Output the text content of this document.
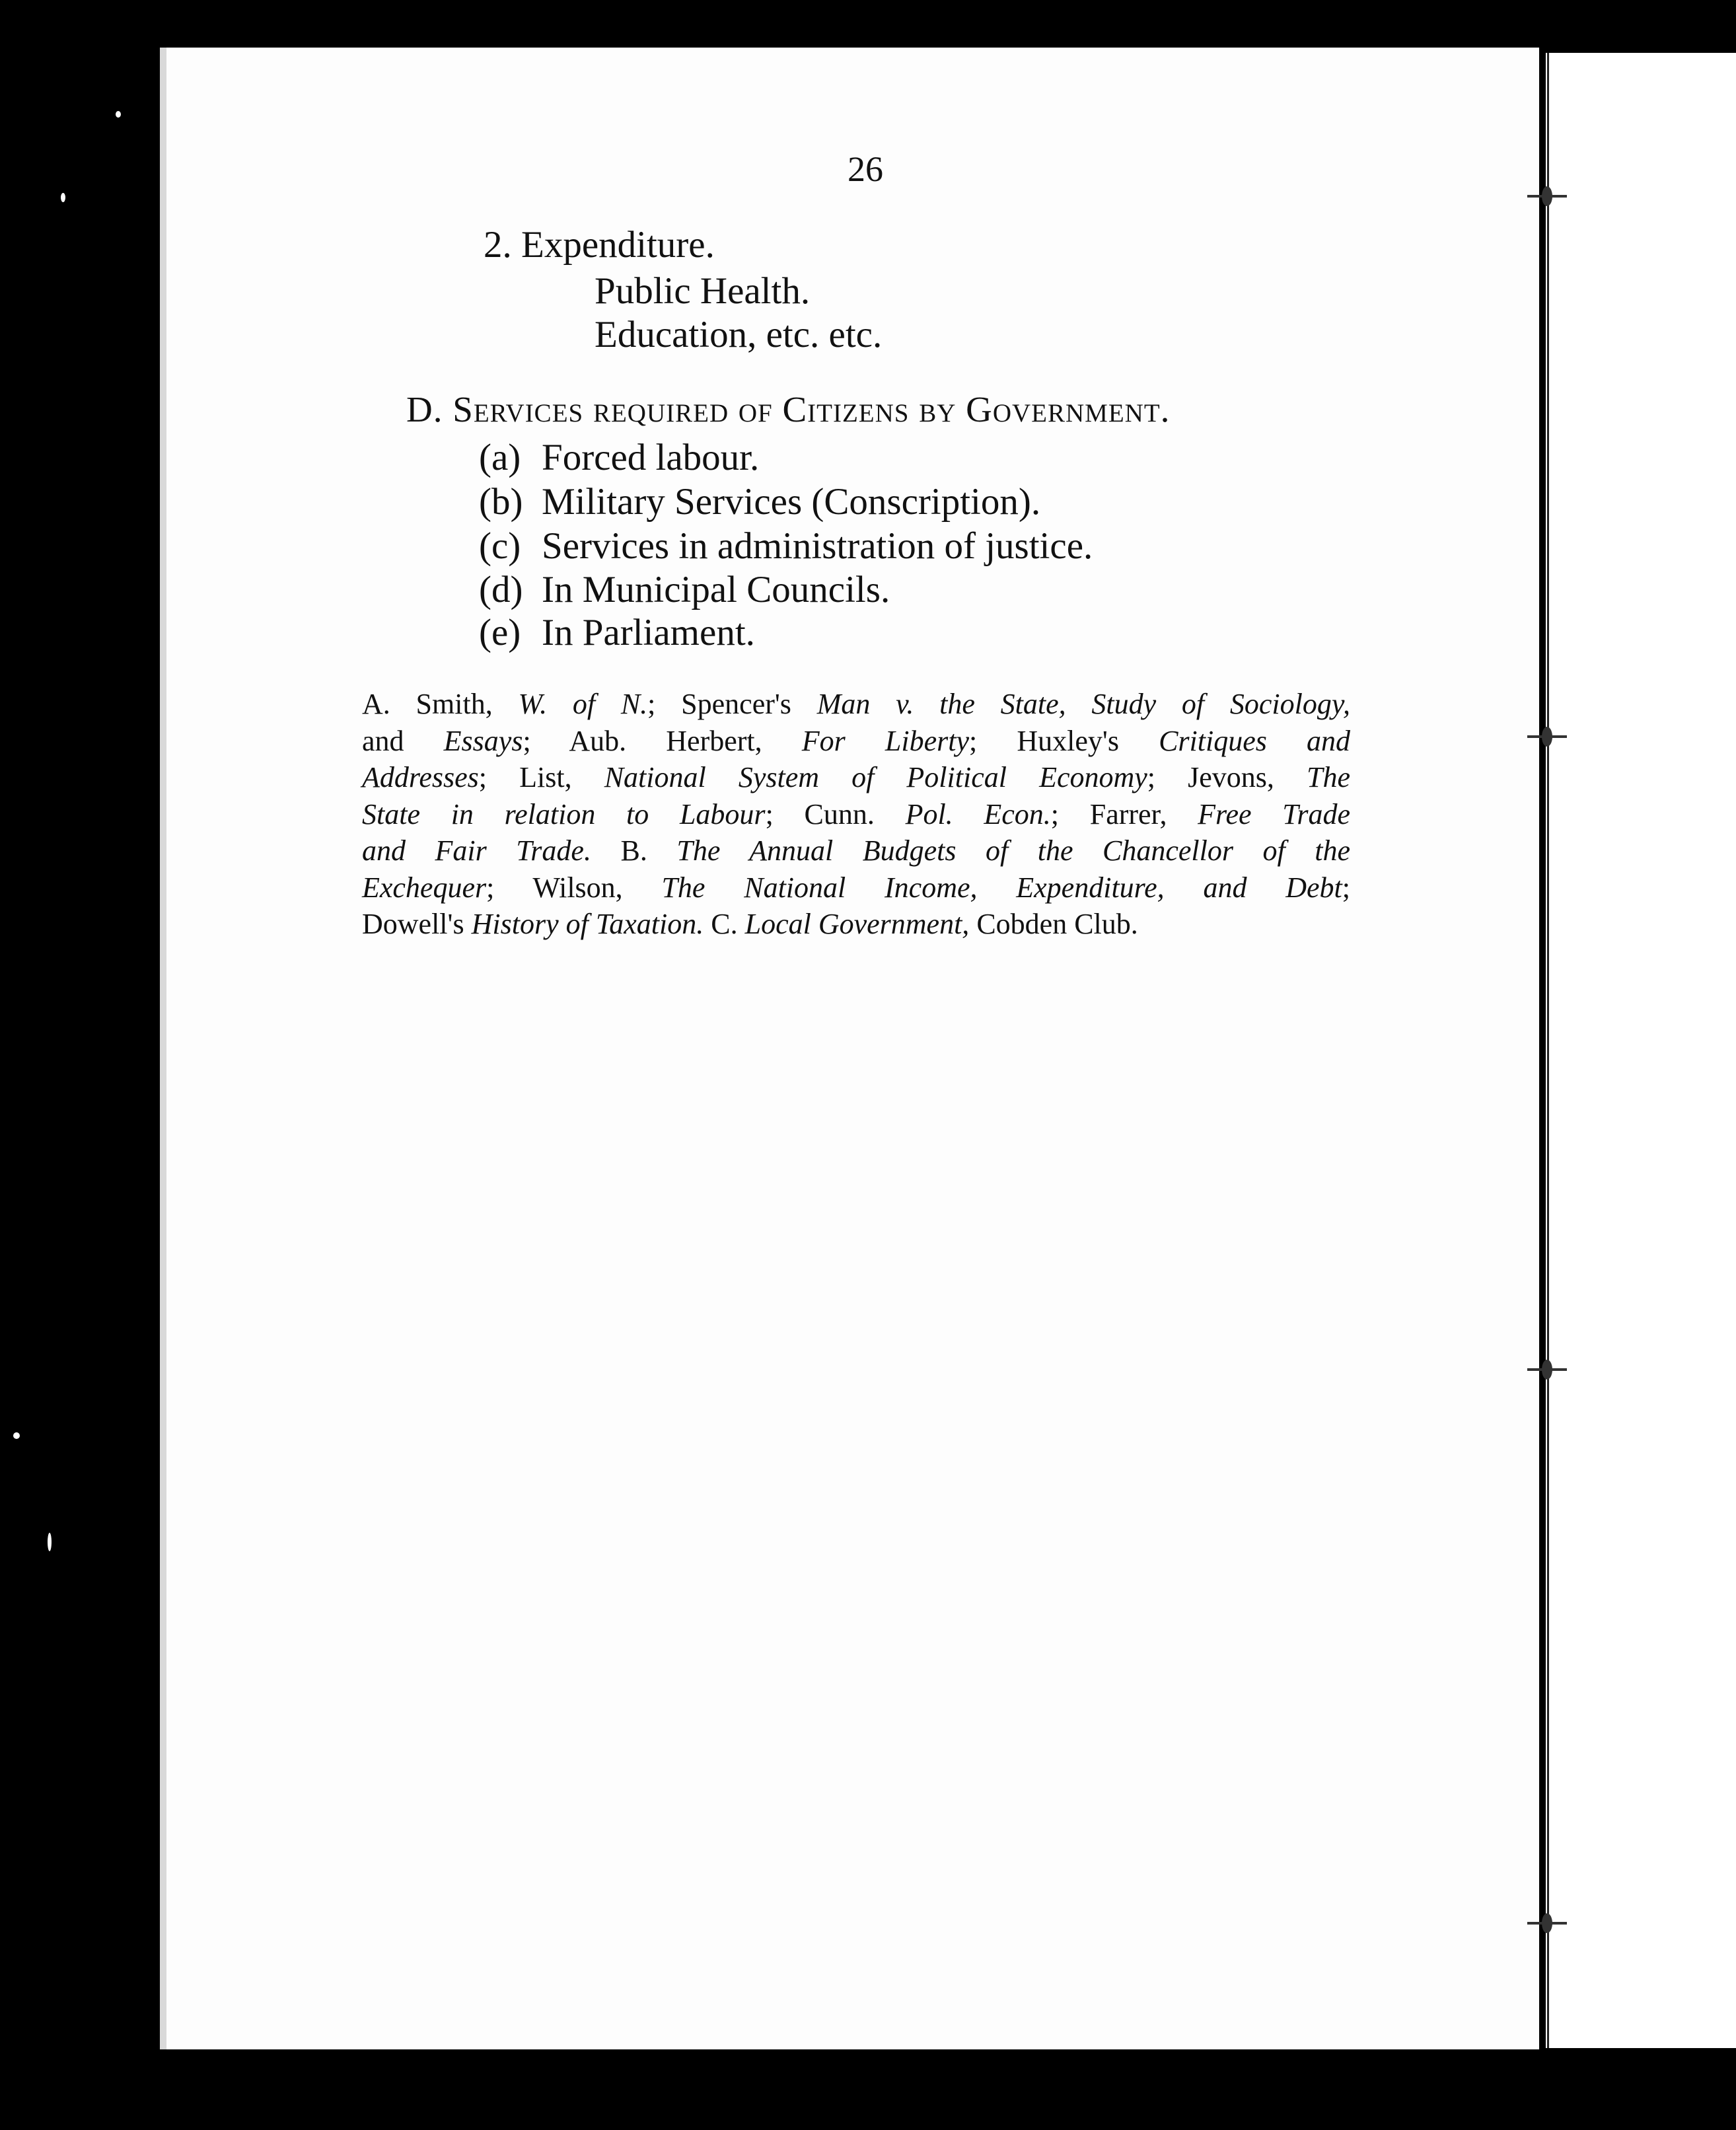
26
2. Expenditure.
Public Health.
Education, etc. etc.
D. Services required of Citizens by Government.
(a) Forced labour.
(b) Military Services (Conscription).
(c) Services in administration of justice.
(d) In Municipal Councils.
(e) In Parliament.
A. Smith, W. of N.; Spencer's Man v. the State, Study of Sociology,
and Essays; Aub. Herbert, For Liberty; Huxley's Critiques and
Addresses; List, National System of Political Economy; Jevons, The
State in relation to Labour; Cunn. Pol. Econ.; Farrer, Free Trade
and Fair Trade. B. The Annual Budgets of the Chancellor of the
Exchequer; Wilson, The National Income, Expenditure, and Debt;
Dowell's History of Taxation. C. Local Government, Cobden Club.
